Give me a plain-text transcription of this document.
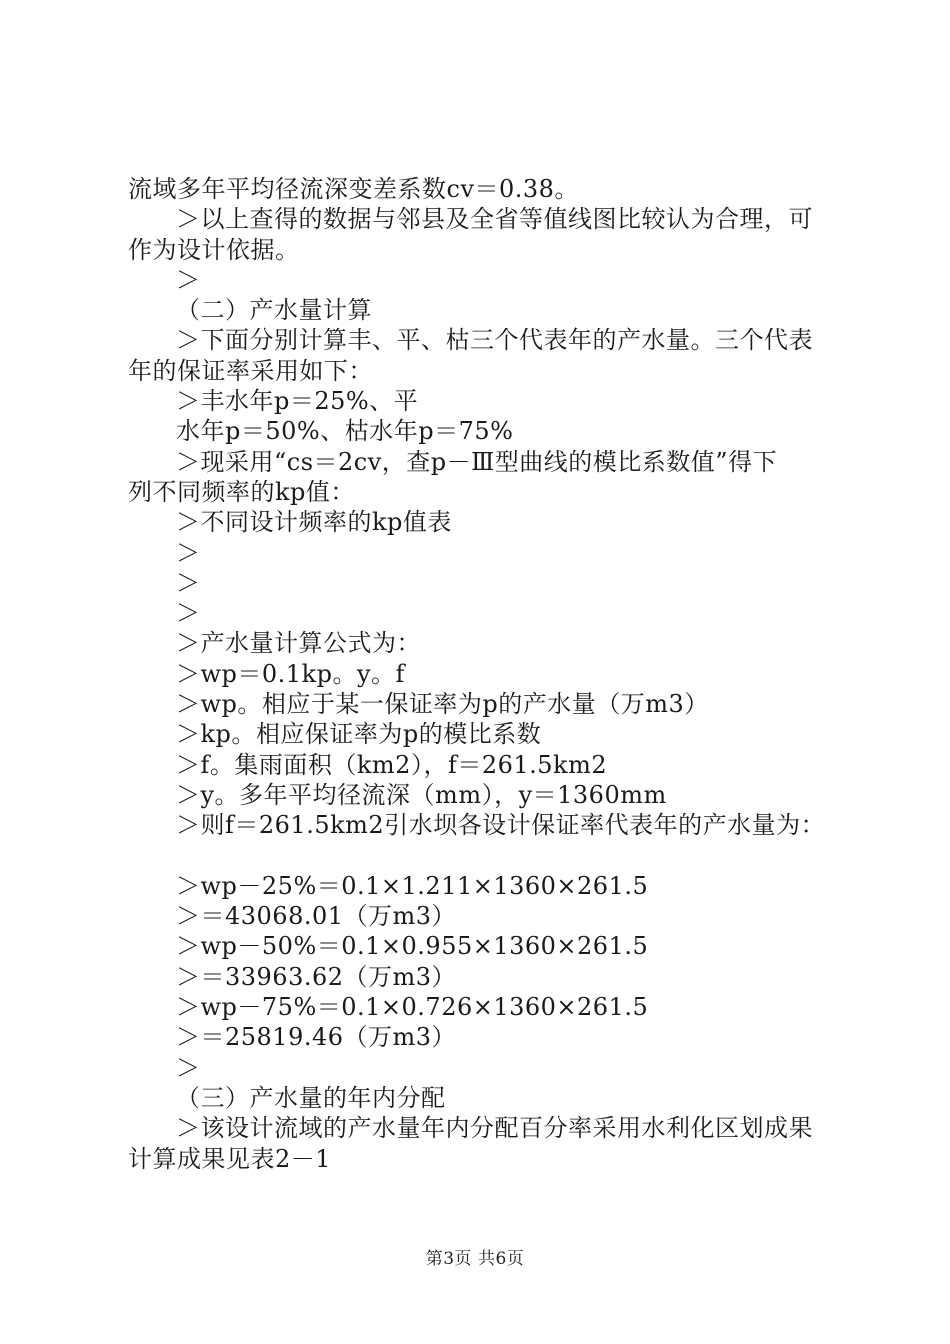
流域多年平均径流深变差系数cv＝0.38。
＞以上查得的数据与邻县及全省等值线图比较认为合理，可
作为设计依据。
＞
（二）产水量计算
＞下面分别计算丰、平、枯三个代表年的产水量。三个代表
年的保证率采用如下：
＞丰水年p＝25%、平
水年p＝50%、枯水年p＝75%
＞现采用“cs＝2cv，查p－Ⅲ型曲线的模比系数值”得下
列不同频率的kp值：
＞不同设计频率的kp值表
＞
＞
＞
＞产水量计算公式为：
＞wp＝0.1kp。y。f
＞wp。相应于某一保证率为p的产水量（万m3）
＞kp。相应保证率为p的模比系数
＞f。集雨面积（km2），f＝261.5km2
＞y。多年平均径流深（mm），y＝1360mm
＞则f＝261.5km2引水坝各设计保证率代表年的产水量为：
＞wp－25%＝0.1×1.211×1360×261.5
＞＝43068.01（万m3）
＞wp－50%＝0.1×0.955×1360×261.5
＞＝33963.62（万m3）
＞wp－75%＝0.1×0.726×1360×261.5
＞＝25819.46（万m3）
＞
（三）产水量的年内分配
＞该设计流域的产水量年内分配百分率采用水利化区划成果
计算成果见表2－1
第3页 共6页
